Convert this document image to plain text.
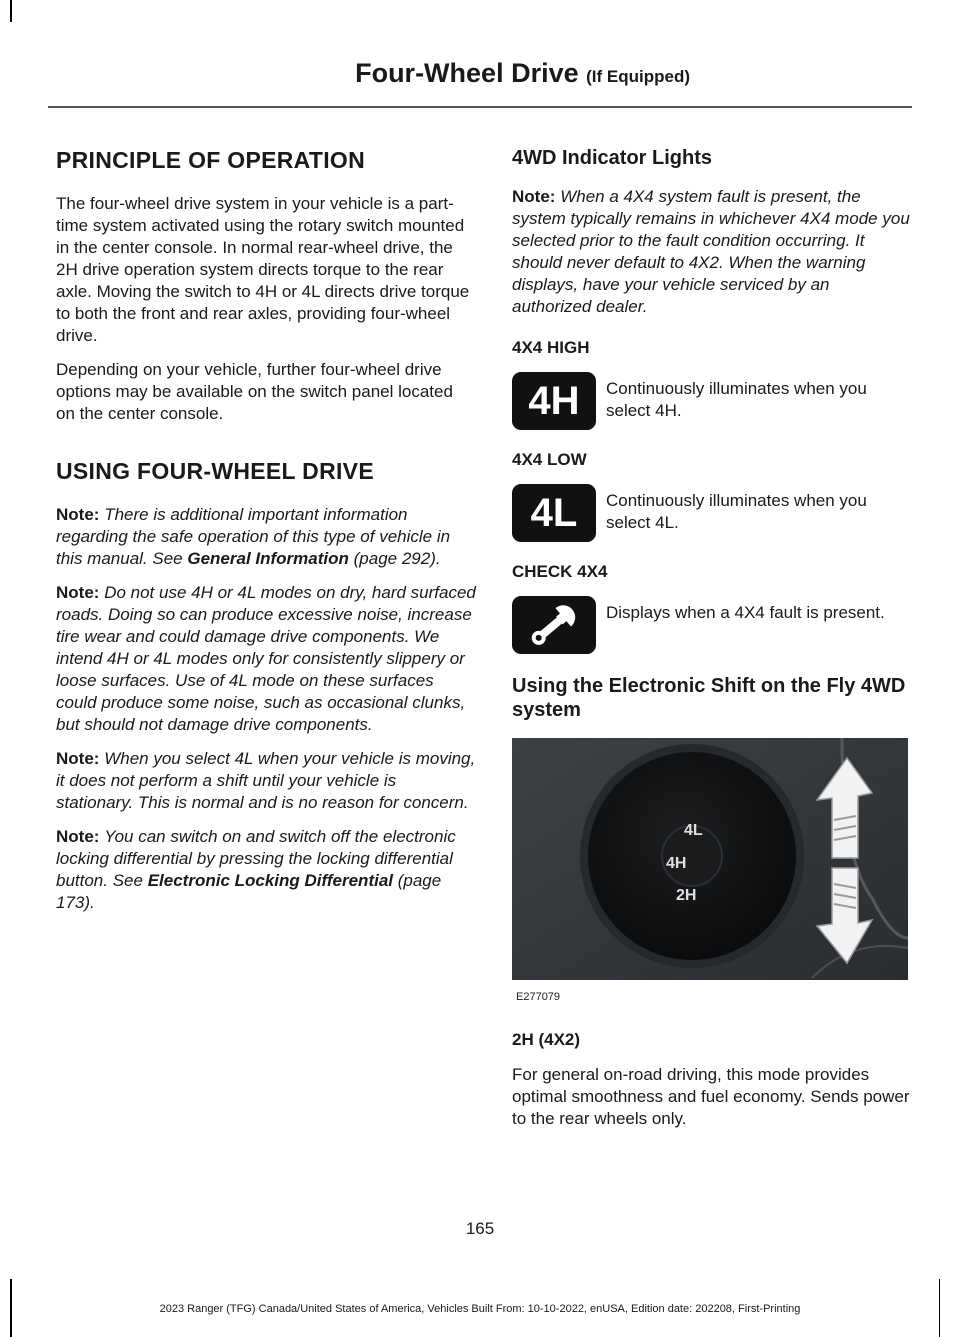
Four-Wheel Drive (If Equipped)
PRINCIPLE OF OPERATION

The four-wheel drive system in your vehicle is a part-time system activated using the rotary switch mounted in the center console. In normal rear-wheel drive, the 2H drive operation system directs torque to the rear axle. Moving the switch to 4H or 4L directs drive torque to both the front and rear axles, providing four-wheel drive.

Depending on your vehicle, further four-wheel drive options may be available on the switch panel located on the center console.

USING FOUR-WHEEL DRIVE

Note: There is additional important information regarding the safe operation of this type of vehicle in this manual. See General Information (page 292).

Note: Do not use 4H or 4L modes on dry, hard surfaced roads. Doing so can produce excessive noise, increase tire wear and could damage drive components. We intend 4H or 4L modes only for consistently slippery or loose surfaces. Use of 4L mode on these surfaces could produce some noise, such as occasional clunks, but should not damage drive components.

Note: When you select 4L when your vehicle is moving, it does not perform a shift until your vehicle is stationary. This is normal and is no reason for concern.

Note: You can switch on and switch off the electronic locking differential by pressing the locking differential button. See Electronic Locking Differential (page 173).

4WD Indicator Lights

Note: When a 4X4 system fault is present, the system typically remains in whichever 4X4 mode you selected prior to the fault condition occurring. It should never default to 4X2. When the warning displays, have your vehicle serviced by an authorized dealer.

4X4 HIGH
4H	Continuously illuminates when you select 4H.

4X4 LOW
4L	Continuously illuminates when you select 4L.

CHECK 4X4

Displays when a 4X4 fault is present.

Using the Electronic Shift on the Fly 4WD system
4L
4H
2H
E277079
2H (4X2)

For general on-road driving, this mode provides optimal smoothness and fuel economy. Sends power to the rear wheels only.

165
2023 Ranger (TFG) Canada/United States of America, Vehicles Built From: 10-10-2022, enUSA, Edition date: 202208, First-Printing
